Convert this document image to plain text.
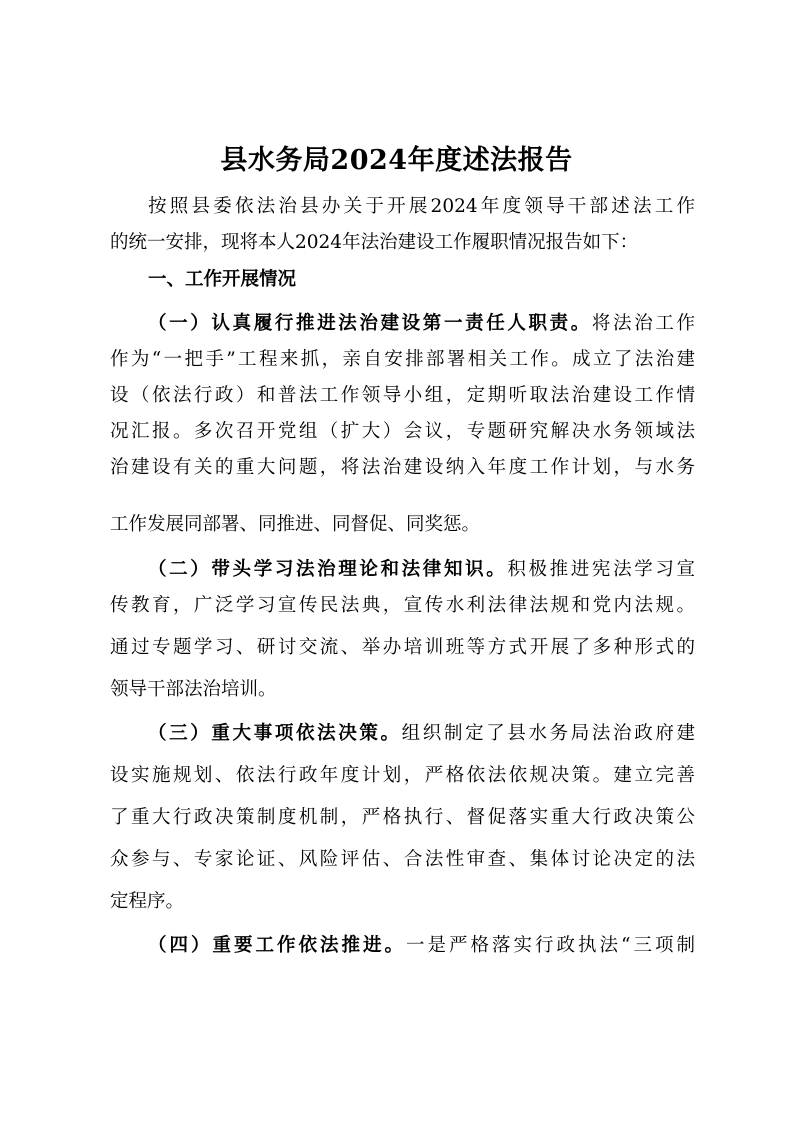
县水务局2024年度述法报告
按照县委依法治县办关于开展2024年度领导干部述法工作
的统一安排，现将本人2024年法治建设工作履职情况报告如下：
一、工作开展情况
（一）认真履行推进法治建设第一责任人职责。将法治工作
作为“一把手”工程来抓，亲自安排部署相关工作。成立了法治建
设（依法行政）和普法工作领导小组，定期听取法治建设工作情
况汇报。多次召开党组（扩大）会议，专题研究解决水务领域法
治建设有关的重大问题，将法治建设纳入年度工作计划，与水务
工作发展同部署、同推进、同督促、同奖惩。
（二）带头学习法治理论和法律知识。积极推进宪法学习宣
传教育，广泛学习宣传民法典，宣传水利法律法规和党内法规。
通过专题学习、研讨交流、举办培训班等方式开展了多种形式的
领导干部法治培训。
（三）重大事项依法决策。组织制定了县水务局法治政府建
设实施规划、依法行政年度计划，严格依法依规决策。建立完善
了重大行政决策制度机制，严格执行、督促落实重大行政决策公
众参与、专家论证、风险评估、合法性审查、集体讨论决定的法
定程序。
（四）重要工作依法推进。一是严格落实行政执法“三项制
